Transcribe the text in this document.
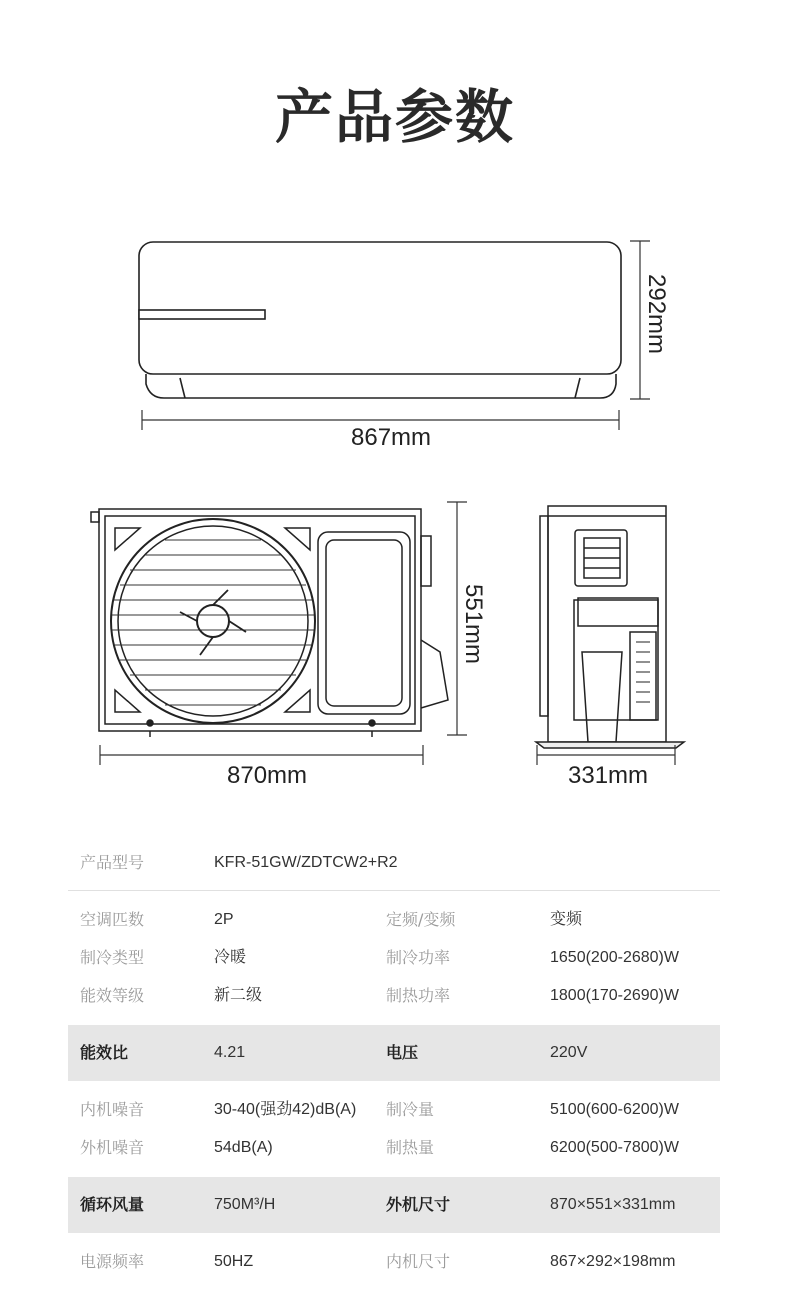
产品参数
867mm
292mm
870mm
551mm
331mm
产品型号	KFR-51GW/ZDTCW2+R2
空调匹数	2P	定频/变频	变频
制冷类型	冷暖	制冷功率	1650(200-2680)W
能效等级	新二级	制热功率	1800(170-2690)W
能效比	4.21	电压	220V
内机噪音	30-40(强劲42)dB(A) 制冷量	5100(600-6200)W
外机噪音	54dB(A)	制热量	6200(500-7800)W
循环风量	750M³/H	外机尺寸	870×551×331mm
电源频率	50HZ	内机尺寸	867×292×198mm
